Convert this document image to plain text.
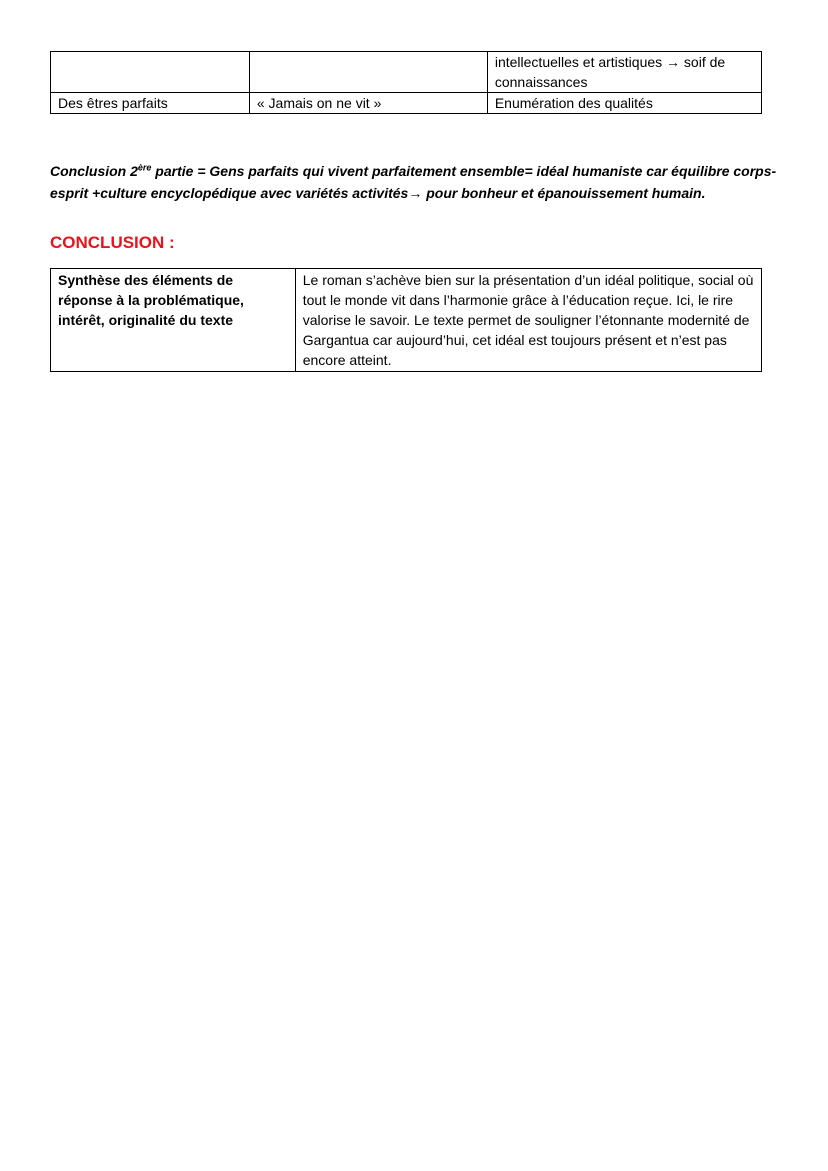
		intellectuelles et artistiques → soif de connaissances
Des êtres parfaits	« Jamais on ne vit »	Enumération des qualités

Conclusion 2ère partie = Gens parfaits qui vivent parfaitement ensemble= idéal humaniste car équilibre corps-esprit +culture encyclopédique avec variétés activités→ pour bonheur et épanouissement humain.

CONCLUSION :
Synthèse des éléments de réponse à la problématique, intérêt, originalité du texte	Le roman s’achève bien sur la présentation d’un idéal politique, social où tout le monde vit dans l’harmonie grâce à l’éducation reçue. Ici, le rire valorise le savoir. Le texte permet de souligner l’étonnante modernité de Gargantua car aujourd’hui, cet idéal est toujours présent et n’est pas encore atteint.
